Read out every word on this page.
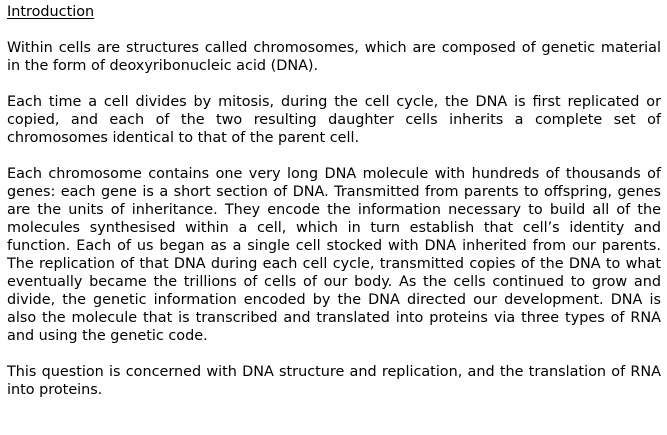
Introduction

Within cells are structures called chromosomes, which are composed of genetic material in the form of deoxyribonucleic acid (DNA).

Each time a cell divides by mitosis, during the cell cycle, the DNA is first replicated or copied, and each of the two resulting daughter cells inherits a complete set of chromosomes identical to that of the parent cell.

Each chromosome contains one very long DNA molecule with hundreds of thousands of genes: each gene is a short section of DNA. Transmitted from parents to offspring, genes are the units of inheritance. They encode the information necessary to build all of the molecules synthesised within a cell, which in turn establish that cell’s identity and function. Each of us began as a single cell stocked with DNA inherited from our parents. The replication of that DNA during each cell cycle, transmitted copies of the DNA to what eventually became the trillions of cells of our body. As the cells continued to grow and divide, the genetic information encoded by the DNA directed our development. DNA is also the molecule that is transcribed and translated into proteins via three types of RNA and using the genetic code.

This question is concerned with DNA structure and replication, and the translation of RNA into proteins.
